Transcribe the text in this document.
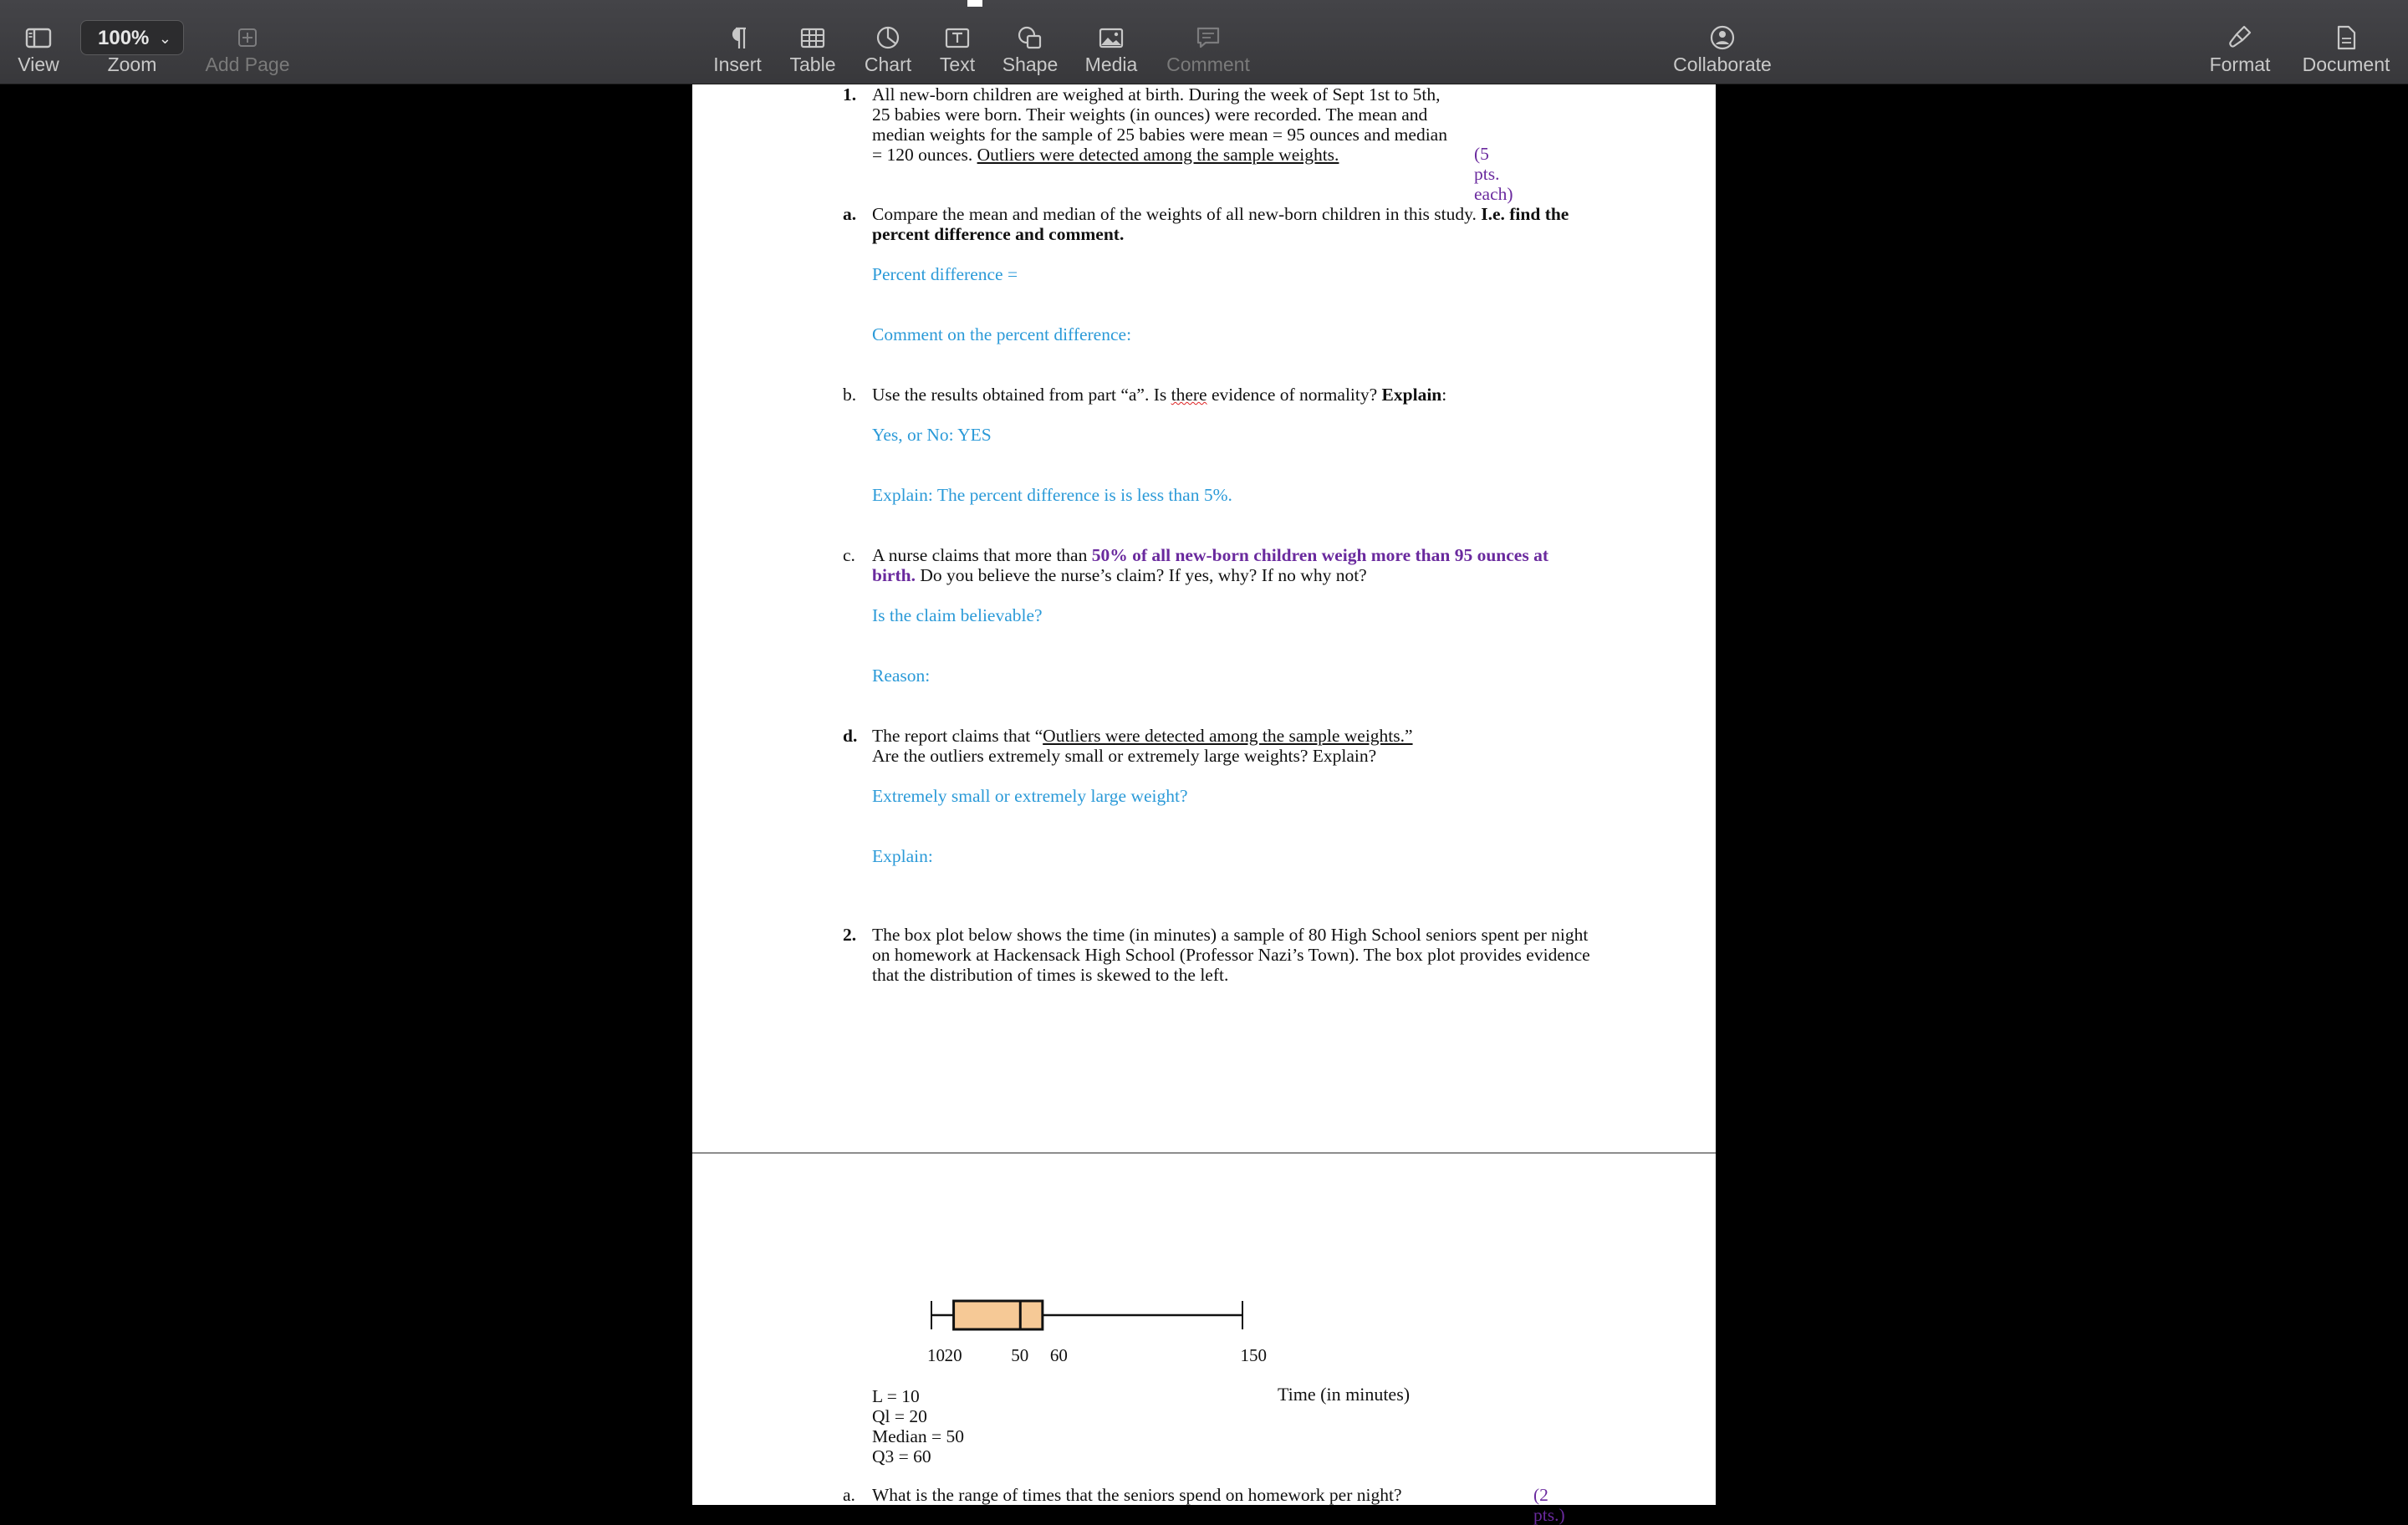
View
100% ⌄
Zoom	Add Page	Insert	Table	Chart	Text	Shape	Media	Comment	Collaborate	Format	Document
1. All new-born children are weighed at birth. During the week of Sept 1st to 5th, 25 babies were born. Their weights (in ounces) were recorded. The mean and median weights for the sample of 25 babies were mean = 95 ounces and median = 120 ounces. Outliers were detected among the sample weights.	(5 pts. each)
a. Compare the mean and median of the weights of all new-born children in this study. I.e. find the percent difference and comment.
Percent difference =
Comment on the percent difference:
b. Use the results obtained from part “a”. Is there evidence of normality? Explain:
Yes, or No: YES
Explain: The percent difference is is less than 5%.
c. A nurse claims that more than 50% of all new-born children weigh more than 95 ounces at birth. Do you believe the nurse’s claim? If yes, why? If no why not?
Is the claim believable?
Reason:
d. The report claims that “Outliers were detected among the sample weights.”
Are the outliers extremely small or extremely large weights? Explain?
Extremely small or extremely large weight?
Explain:
2. The box plot below shows the time (in minutes) a sample of 80 High School seniors spent per night on homework at Hackensack High School (Professor Nazi’s Town). The box plot provides evidence that the distribution of times is skewed to the left.
10 20	50 60	150
Time (in minutes)
L = 10
Ql = 20
Median = 50
Q3 = 60
a. What is the range of times that the seniors spend on homework per night?	(2 pts.)
